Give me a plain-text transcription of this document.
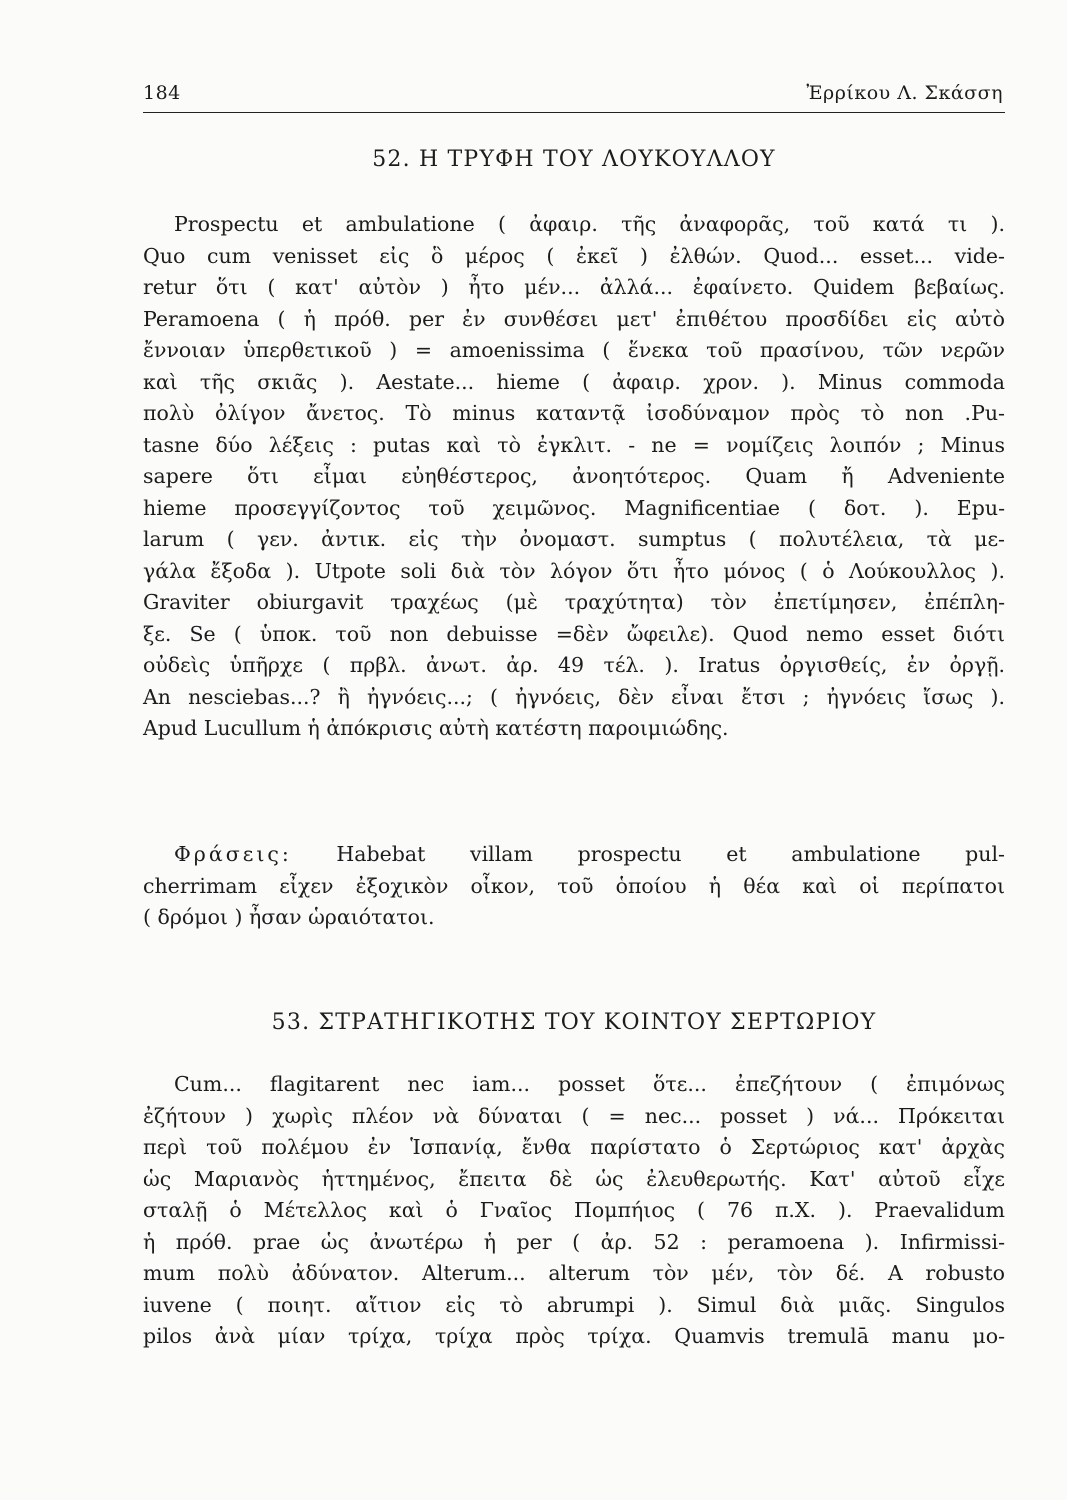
184	Ἐρρίκου Λ. Σκάσση
52. Η ΤΡΥΦΗ ΤΟΥ ΛΟΥΚΟΥΛΛΟΥ
Prospectu et ambulatione ( ἀφαιρ. τῆς ἀναφορᾶς, τοῦ κατά τι ).
Quo cum venisset εἰς ὃ μέρος ( ἐκεῖ ) ἐλθών. Quod... esset... vide-
retur ὅτι ( κατ' αὐτὸν ) ἦτο μέν... ἀλλά... ἐφαίνετο. Quidem βεβαίως.
Peramoena ( ἡ πρόθ. per ἐν συνθέσει μετ' ἐπιθέτου προσδίδει εἰς αὐτὸ
ἔννοιαν ὑπερθετικοῦ ) = amoenissima ( ἕνεκα τοῦ πρασίνου, τῶν νερῶν
καὶ τῆς σκιᾶς ). Aestate... hieme ( ἀφαιρ. χρον. ). Minus commoda
πολὺ ὀλίγον ἄνετος. Τὸ minus καταντᾷ ἰσοδύναμον πρὸς τὸ non .Pu-
tasne δύο λέξεις : putas καὶ τὸ ἐγκλιτ. - ne = νομίζεις λοιπόν ; Minus
sapere ὅτι εἶμαι εὐηθέστερος, ἀνοητότερος. Quam ἤ Adveniente
hieme προσεγγίζοντος τοῦ χειμῶνος. Magnificentiae ( δοτ. ). Epu-
larum ( γεν. ἀντικ. εἰς τὴν ὀνομαστ. sumptus ( πολυτέλεια, τὰ με-
γάλα ἔξοδα ). Utpote soli διὰ τὸν λόγον ὅτι ἦτο μόνος ( ὁ Λούκουλλος ).
Graviter obiurgavit τραχέως (μὲ τραχύτητα) τὸν ἐπετίμησεν, ἐπέπλη-
ξε. Se ( ὑποκ. τοῦ non debuisse =δὲν ὤφειλε). Quod nemo esset διότι
οὐδεὶς ὑπῆρχε ( πρβλ. ἀνωτ. ἀρ. 49 τέλ. ). Iratus ὀργισθείς, ἐν ὀργῇ.
An nesciebas...? ἢ ἠγνόεις...; ( ἠγνόεις, δὲν εἶναι ἔτσι ; ἠγνόεις ἴσως ).
Apud Lucullum ἡ ἀπόκρισις αὐτὴ κατέστη παροιμιώδης.
Φράσεις: Habebat villam prospectu et ambulatione pul-
cherrimam εἶχεν ἐξοχικὸν οἶκον, τοῦ ὁποίου ἡ θέα καὶ οἱ περίπατοι
( δρόμοι ) ἦσαν ὡραιότατοι.
53. ΣΤΡΑΤΗΓΙΚΟΤΗΣ ΤΟΥ ΚΟΙΝΤΟΥ ΣΕΡΤΩΡΙΟΥ
Cum... flagitarent nec iam... posset ὅτε... ἐπεζήτουν ( ἐπιμόνως
ἐζήτουν ) χωρὶς πλέον νὰ δύναται ( = nec... posset ) νά... Πρόκειται
περὶ τοῦ πολέμου ἐν Ἱσπανίᾳ, ἔνθα παρίστατο ὁ Σερτώριος κατ' ἀρχὰς
ὡς Μαριανὸς ἡττημένος, ἔπειτα δὲ ὡς ἐλευθερωτής. Κατ' αὐτοῦ εἶχε
σταλῇ ὁ Μέτελλος καὶ ὁ Γναῖος Πομπήιος ( 76 π.Χ. ). Praevalidum
ἡ πρόθ. prae ὡς ἀνωτέρω ἡ per ( ἀρ. 52 : peramoena ). Infirmissi-
mum πολὺ ἀδύνατον. Alterum... alterum τὸν μέν, τὸν δέ. A robusto
iuvene ( ποιητ. αἴτιον εἰς τὸ abrumpi ). Simul διὰ μιᾶς. Singulos
pilos ἀνὰ μίαν τρίχα, τρίχα πρὸς τρίχα. Quamvis tremulā manu μο-
